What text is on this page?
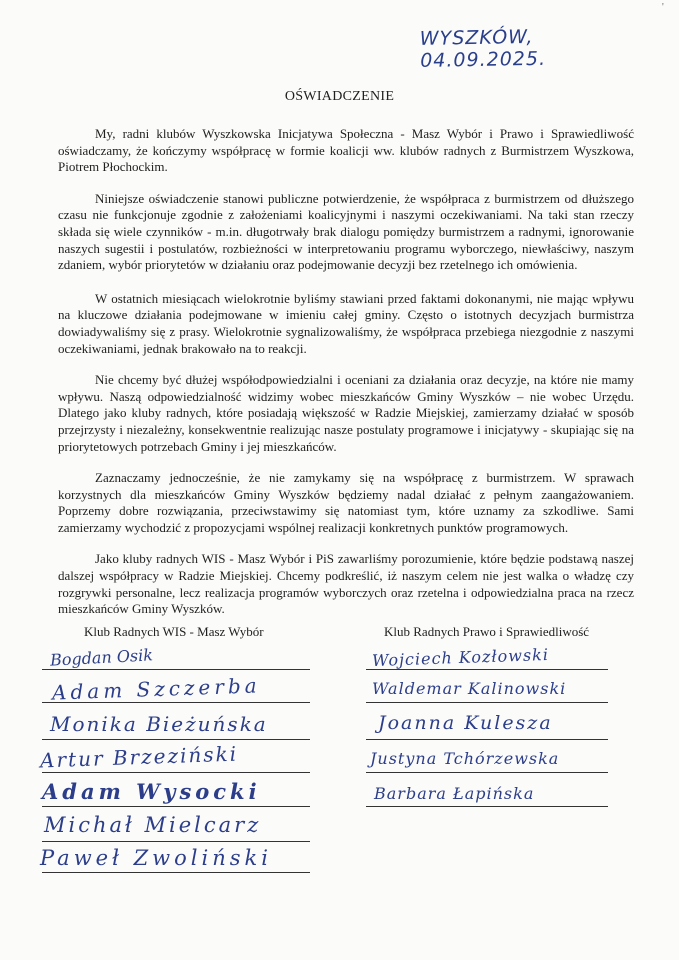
'
WYSZKÓW, 04.09.2025.
OŚWIADCZENIE

My, radni klubów Wyszkowska Inicjatywa Społeczna - Masz Wybór i Prawo i Sprawiedliwość oświadczamy, że kończymy współpracę w formie koalicji ww. klubów radnych z Burmistrzem Wyszkowa, Piotrem Płochockim.

Niniejsze oświadczenie stanowi publiczne potwierdzenie, że współpraca z burmistrzem od dłuższego czasu nie funkcjonuje zgodnie z założeniami koalicyjnymi i naszymi oczekiwaniami. Na taki stan rzeczy składa się wiele czynników - m.in. długotrwały brak dialogu pomiędzy burmistrzem a radnymi, ignorowanie naszych sugestii i postulatów, rozbieżności w interpretowaniu programu wyborczego, niewłaściwy, naszym zdaniem, wybór priorytetów w działaniu oraz podejmowanie decyzji bez rzetelnego ich omówienia.

W ostatnich miesiącach wielokrotnie byliśmy stawiani przed faktami dokonanymi, nie mając wpływu na kluczowe działania podejmowane w imieniu całej gminy. Często o istotnych decyzjach burmistrza dowiadywaliśmy się z prasy. Wielokrotnie sygnalizowaliśmy, że współpraca przebiega niezgodnie z naszymi oczekiwaniami, jednak brakowało na to reakcji.

Nie chcemy być dłużej współodpowiedzialni i oceniani za działania oraz decyzje, na które nie mamy wpływu. Naszą odpowiedzialność widzimy wobec mieszkańców Gminy Wyszków – nie wobec Urzędu. Dlatego jako kluby radnych, które posiadają większość w Radzie Miejskiej, zamierzamy działać w sposób przejrzysty i niezależny, konsekwentnie realizując nasze postulaty programowe i inicjatywy - skupiając się na priorytetowych potrzebach Gminy i jej mieszkańców.

Zaznaczamy jednocześnie, że nie zamykamy się na współpracę z burmistrzem. W sprawach korzystnych dla mieszkańców Gminy Wyszków będziemy nadal działać z pełnym zaangażowaniem. Poprzemy dobre rozwiązania, przeciwstawimy się natomiast tym, które uznamy za szkodliwe. Sami zamierzamy wychodzić z propozycjami wspólnej realizacji konkretnych punktów programowych.

Jako kluby radnych WIS - Masz Wybór i PiS zawarliśmy porozumienie, które będzie podstawą naszej dalszej współpracy w Radzie Miejskiej. Chcemy podkreślić, iż naszym celem nie jest walka o władzę czy rozgrywki personalne, lecz realizacja programów wyborczych oraz rzetelna i odpowiedzialna praca na rzecz mieszkańców Gminy Wyszków.

Klub Radnych WIS - Masz Wybór	Klub Radnych Prawo i Sprawiedliwość
Bogdan Osik
Adam Szczerba
Monika Bieżuńska
Artur Brzeziński
Adam Wysocki
Michał Mielcarz
Paweł Zwoliński
Wojciech Kozłowski
Waldemar Kalinowski
Joanna Kulesza
Justyna Tchórzewska
Barbara Łapińska
